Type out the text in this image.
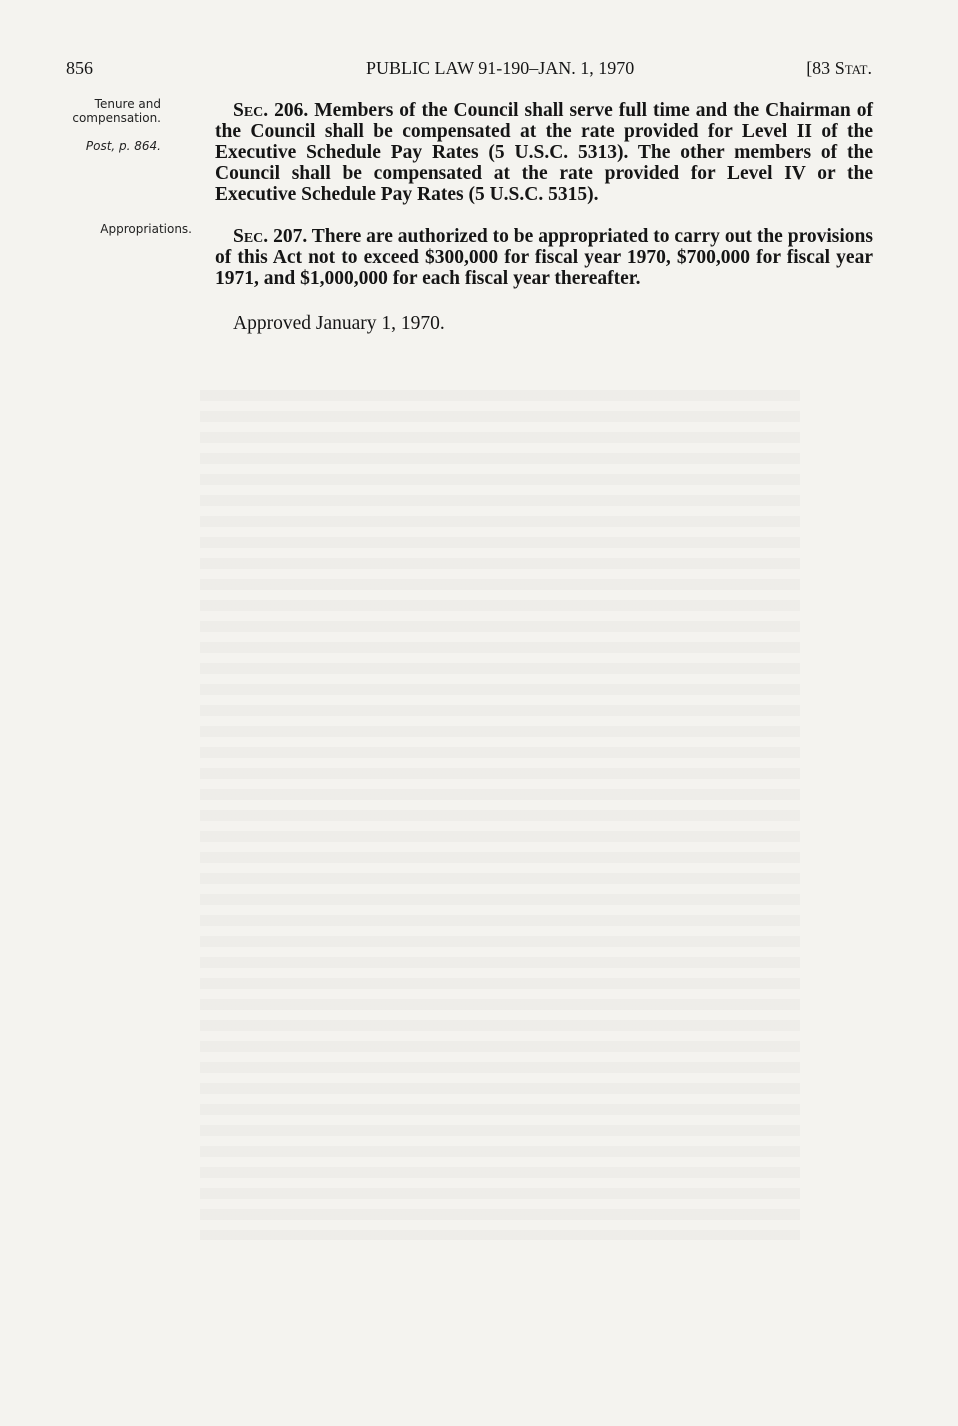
856	PUBLIC LAW 91-190–JAN. 1, 1970	[83 Stat.
Tenure and compensation.
Post, p. 864.
Appropriations.

Sec. 206. Members of the Council shall serve full time and the Chairman of the Council shall be compensated at the rate provided for Level II of the Executive Schedule Pay Rates (5 U.S.C. 5313). The other members of the Council shall be compensated at the rate provided for Level IV or the Executive Schedule Pay Rates (5 U.S.C. 5315).

Sec. 207. There are authorized to be appropriated to carry out the provisions of this Act not to exceed $300,000 for fiscal year 1970, $700,000 for fiscal year 1971, and $1,000,000 for each fiscal year thereafter.

Approved January 1, 1970.
